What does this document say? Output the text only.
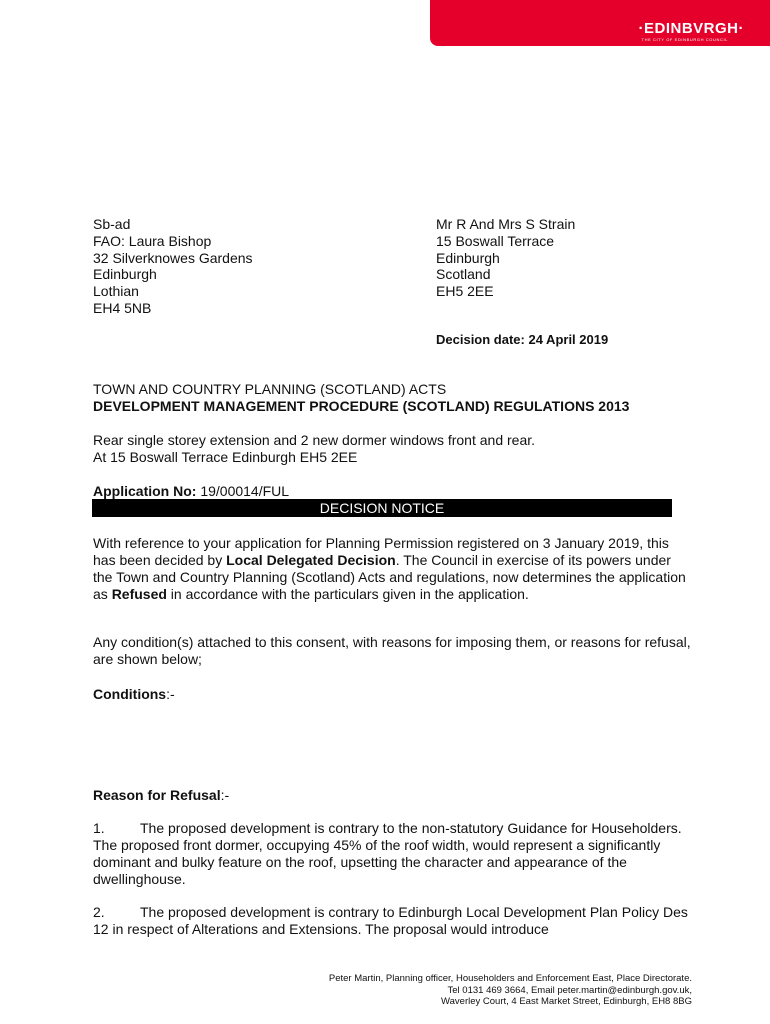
·EDINBVRGH·
THE CITY OF EDINBURGH COUNCIL
Sb-ad
FAO: Laura Bishop
32 Silverknowes Gardens
Edinburgh
Lothian
EH4 5NB
Mr R And Mrs S Strain
15 Boswall Terrace
Edinburgh
Scotland
EH5 2EE
Decision date: 24 April 2019
TOWN AND COUNTRY PLANNING (SCOTLAND) ACTS
DEVELOPMENT MANAGEMENT PROCEDURE (SCOTLAND) REGULATIONS 2013
Rear single storey extension and 2 new dormer windows front and rear.
At 15 Boswall Terrace Edinburgh EH5 2EE
Application No: 19/00014/FUL
DECISION NOTICE
With reference to your application for Planning Permission registered on 3 January 2019, this has been decided by Local Delegated Decision. The Council in exercise of its powers under the Town and Country Planning (Scotland) Acts and regulations, now determines the application as Refused in accordance with the particulars given in the application.
Any condition(s) attached to this consent, with reasons for imposing them, or reasons for refusal, are shown below;
Conditions:-
Reason for Refusal:-
1.	The proposed development is contrary to the non-statutory Guidance for Householders. The proposed front dormer, occupying 45% of the roof width, would represent a significantly dominant and bulky feature on the roof, upsetting the character and appearance of the dwellinghouse.
2.	The proposed development is contrary to Edinburgh Local Development Plan Policy Des 12 in respect of Alterations and Extensions. The proposal would introduce
Peter Martin, Planning officer, Householders and Enforcement East, Place Directorate.
Tel 0131 469 3664, Email peter.martin@edinburgh.gov.uk,
Waverley Court, 4 East Market Street, Edinburgh, EH8 8BG
